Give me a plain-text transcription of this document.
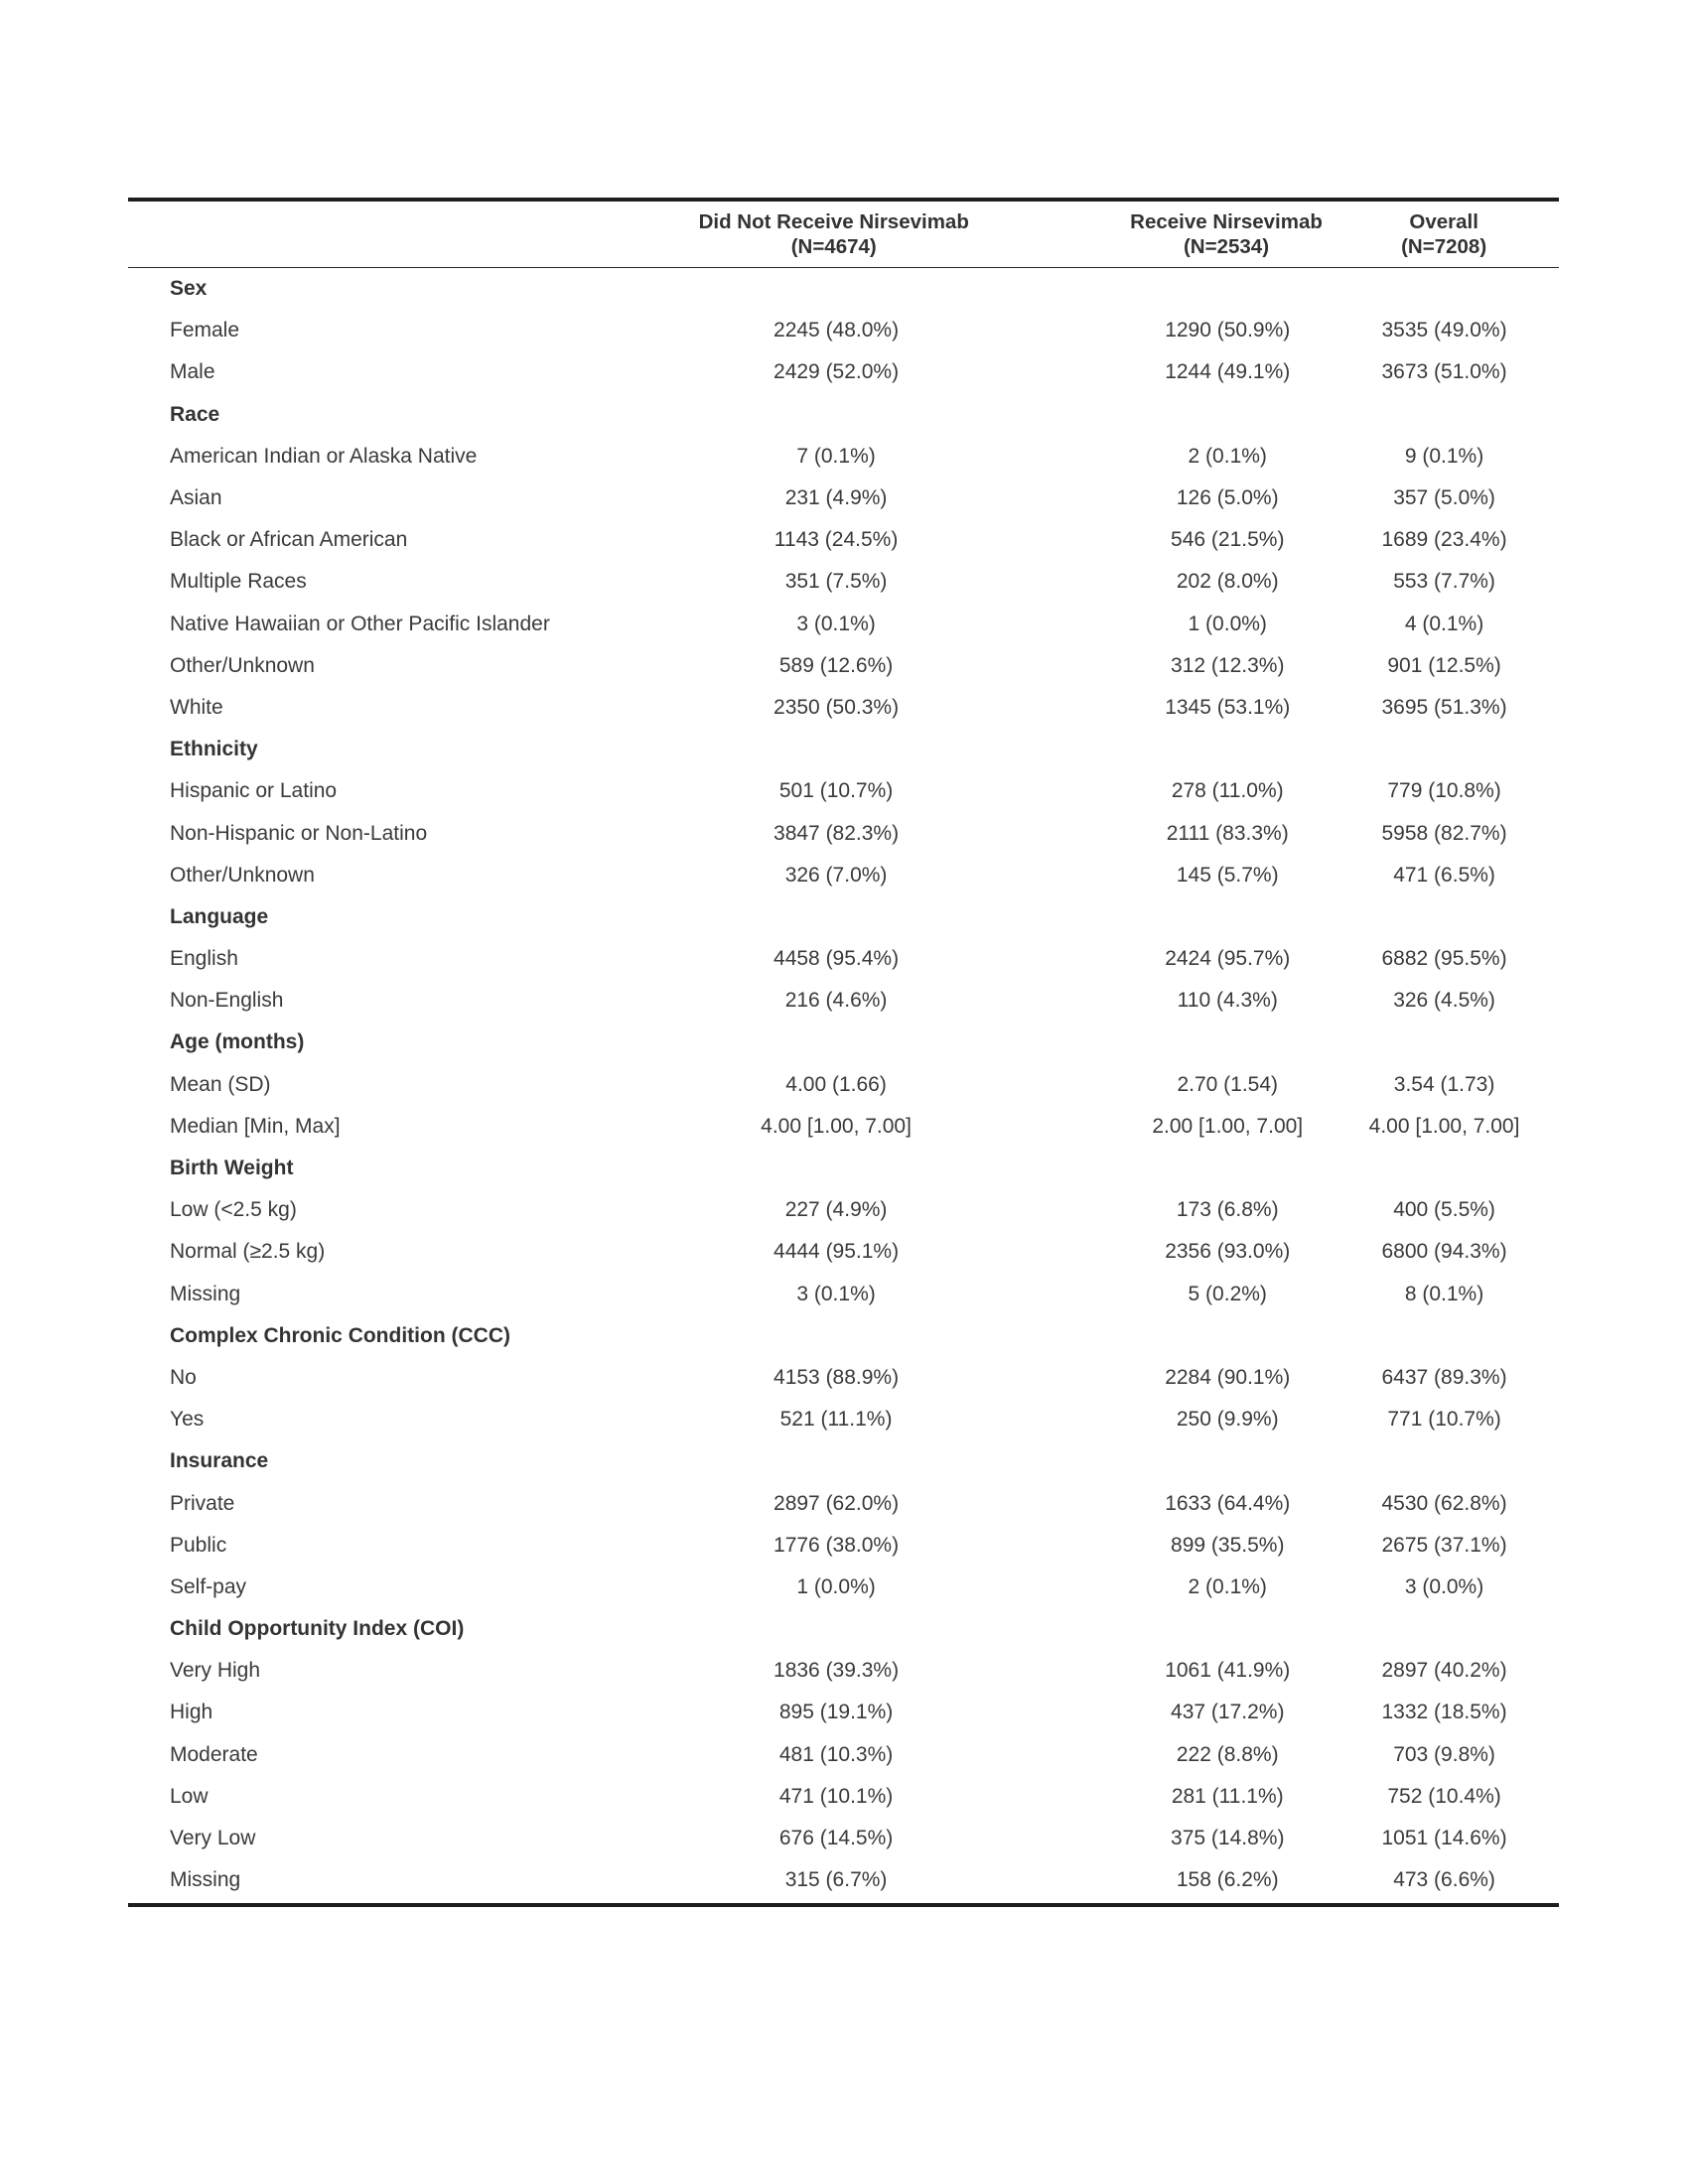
Did Not Receive Nirsevimab
(N=4674)
Receive Nirsevimab
(N=2534)
Overall
(N=7208)
Sex
Female	2245 (48.0%)	1290 (50.9%)	3535 (49.0%)
Male	2429 (52.0%)	1244 (49.1%)	3673 (51.0%)
Race
American Indian or Alaska Native	7 (0.1%)	2 (0.1%)	9 (0.1%)
Asian	231 (4.9%)	126 (5.0%)	357 (5.0%)
Black or African American	1143 (24.5%)	546 (21.5%)	1689 (23.4%)
Multiple Races	351 (7.5%)	202 (8.0%)	553 (7.7%)
Native Hawaiian or Other Pacific Islander	3 (0.1%)	1 (0.0%)	4 (0.1%)
Other/Unknown	589 (12.6%)	312 (12.3%)	901 (12.5%)
White	2350 (50.3%)	1345 (53.1%)	3695 (51.3%)
Ethnicity
Hispanic or Latino	501 (10.7%)	278 (11.0%)	779 (10.8%)
Non-Hispanic or Non-Latino	3847 (82.3%)	2111 (83.3%)	5958 (82.7%)
Other/Unknown	326 (7.0%)	145 (5.7%)	471 (6.5%)
Language
English	4458 (95.4%)	2424 (95.7%)	6882 (95.5%)
Non-English	216 (4.6%)	110 (4.3%)	326 (4.5%)
Age (months)
Mean (SD)	4.00 (1.66)	2.70 (1.54)	3.54 (1.73)
Median [Min, Max]	4.00 [1.00, 7.00]	2.00 [1.00, 7.00]	4.00 [1.00, 7.00]
Birth Weight
Low (<2.5 kg)	227 (4.9%)	173 (6.8%)	400 (5.5%)
Normal (≥2.5 kg)	4444 (95.1%)	2356 (93.0%)	6800 (94.3%)
Missing	3 (0.1%)	5 (0.2%)	8 (0.1%)
Complex Chronic Condition (CCC)
No	4153 (88.9%)	2284 (90.1%)	6437 (89.3%)
Yes	521 (11.1%)	250 (9.9%)	771 (10.7%)
Insurance
Private	2897 (62.0%)	1633 (64.4%)	4530 (62.8%)
Public	1776 (38.0%)	899 (35.5%)	2675 (37.1%)
Self-pay	1 (0.0%)	2 (0.1%)	3 (0.0%)
Child Opportunity Index (COI)
Very High	1836 (39.3%)	1061 (41.9%)	2897 (40.2%)
High	895 (19.1%)	437 (17.2%)	1332 (18.5%)
Moderate	481 (10.3%)	222 (8.8%)	703 (9.8%)
Low	471 (10.1%)	281 (11.1%)	752 (10.4%)
Very Low	676 (14.5%)	375 (14.8%)	1051 (14.6%)
Missing	315 (6.7%)	158 (6.2%)	473 (6.6%)
